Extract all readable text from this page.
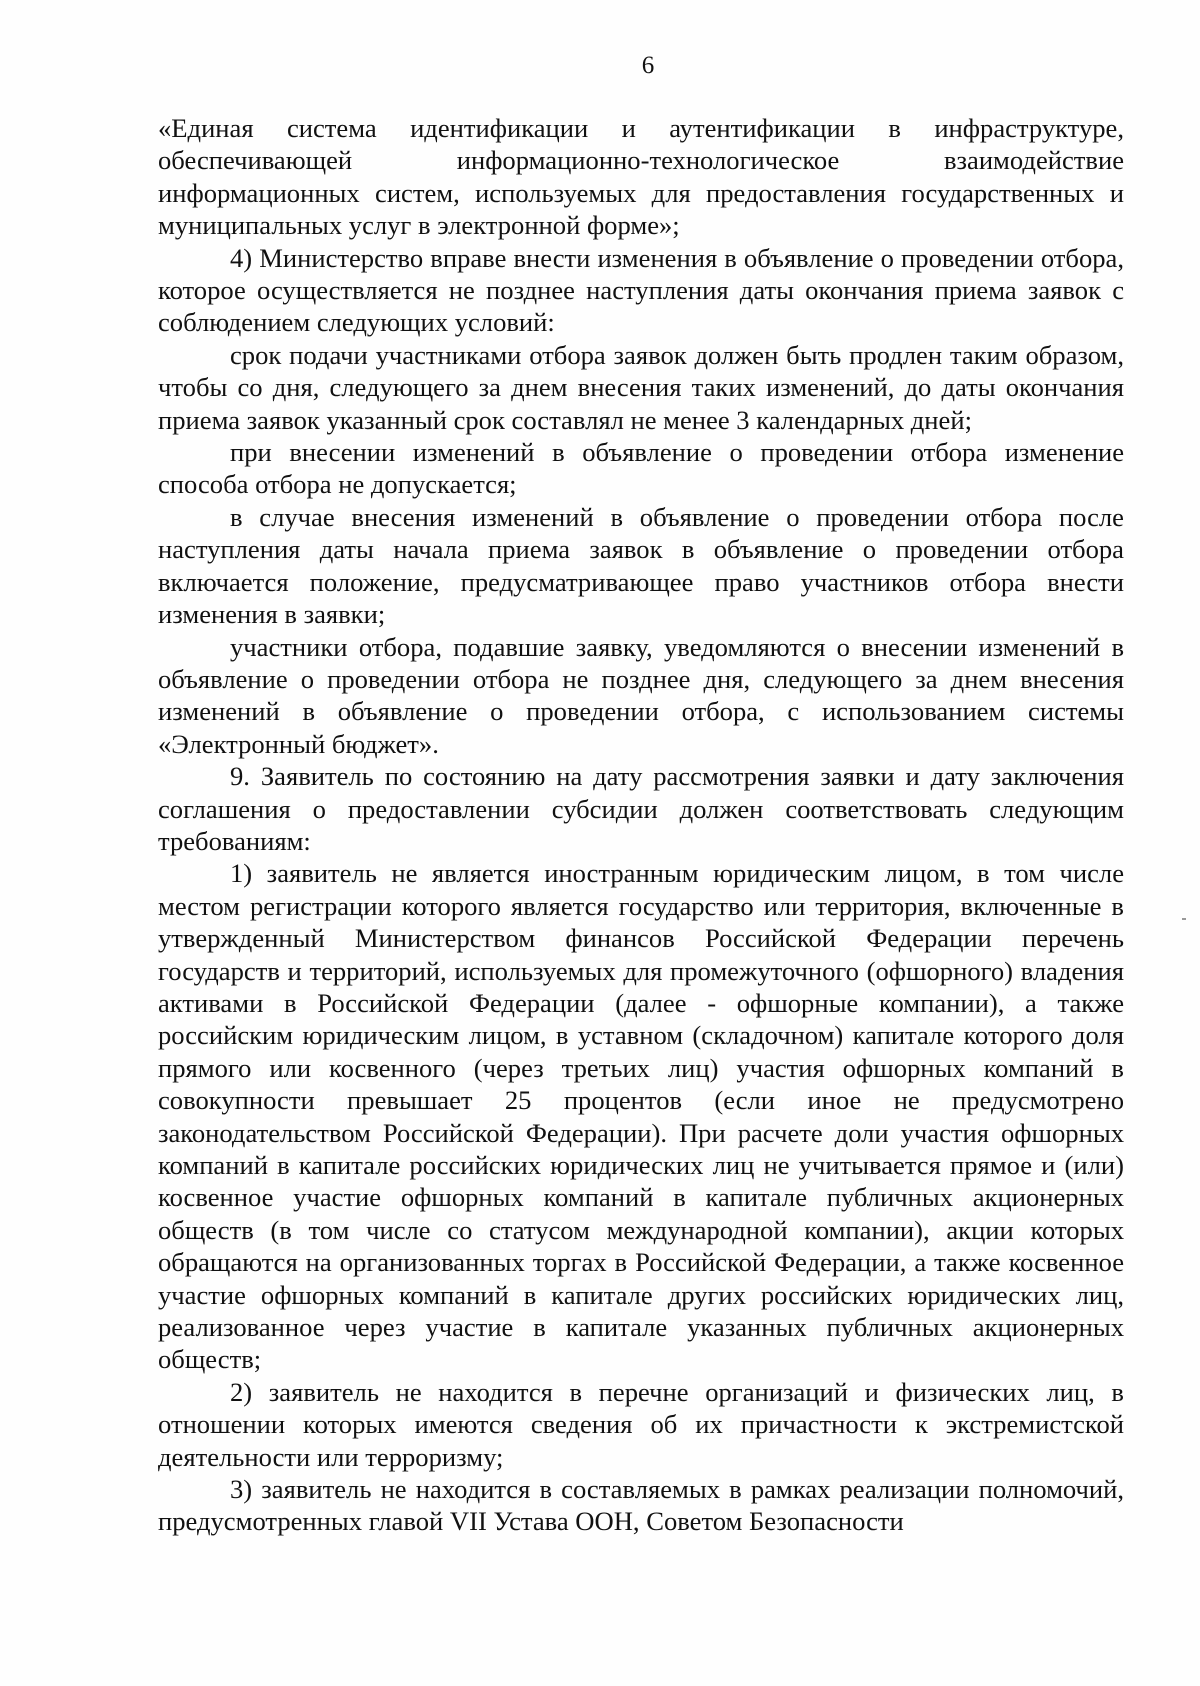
6

«Единая система идентификации и аутентификации в инфраструктуре, обеспечивающей информационно-технологическое взаимодействие информационных систем, используемых для предоставления государственных и муниципальных услуг в электронной форме»;

4) Министерство вправе внести изменения в объявление о проведении отбора, которое осуществляется не позднее наступления даты окончания приема заявок с соблюдением следующих условий:

срок подачи участниками отбора заявок должен быть продлен таким образом, чтобы со дня, следующего за днем внесения таких изменений, до даты окончания приема заявок указанный срок составлял не менее 3 календарных дней;

при внесении изменений в объявление о проведении отбора изменение способа отбора не допускается;

в случае внесения изменений в объявление о проведении отбора после наступления даты начала приема заявок в объявление о проведении отбора включается положение, предусматривающее право участников отбора внести изменения в заявки;

участники отбора, подавшие заявку, уведомляются о внесении изменений в объявление о проведении отбора не позднее дня, следующего за днем внесения изменений в объявление о проведении отбора, с использованием системы «Электронный бюджет».

9. Заявитель по состоянию на дату рассмотрения заявки и дату заключения соглашения о предоставлении субсидии должен соответствовать следующим требованиям:

1) заявитель не является иностранным юридическим лицом, в том числе местом регистрации которого является государство или территория, включенные в утвержденный Министерством финансов Российской Федерации перечень государств и территорий, используемых для промежуточного (офшорного) владения активами в Российской Федерации (далее - офшорные компании), а также российским юридическим лицом, в уставном (складочном) капитале которого доля прямого или косвенного (через третьих лиц) участия офшорных компаний в совокупности превышает 25 процентов (если иное не предусмотрено законодательством Российской Федерации). При расчете доли участия офшорных компаний в капитале российских юридических лиц не учитывается прямое и (или) косвенное участие офшорных компаний в капитале публичных акционерных обществ (в том числе со статусом международной компании), акции которых обращаются на организованных торгах в Российской Федерации, а также косвенное участие офшорных компаний в капитале других российских юридических лиц, реализованное через участие в капитале указанных публичных акционерных обществ;

2) заявитель не находится в перечне организаций и физических лиц, в отношении которых имеются сведения об их причастности к экстремистской деятельности или терроризму;

3) заявитель не находится в составляемых в рамках реализации полномочий, предусмотренных главой VII Устава ООН, Советом Безопасности
